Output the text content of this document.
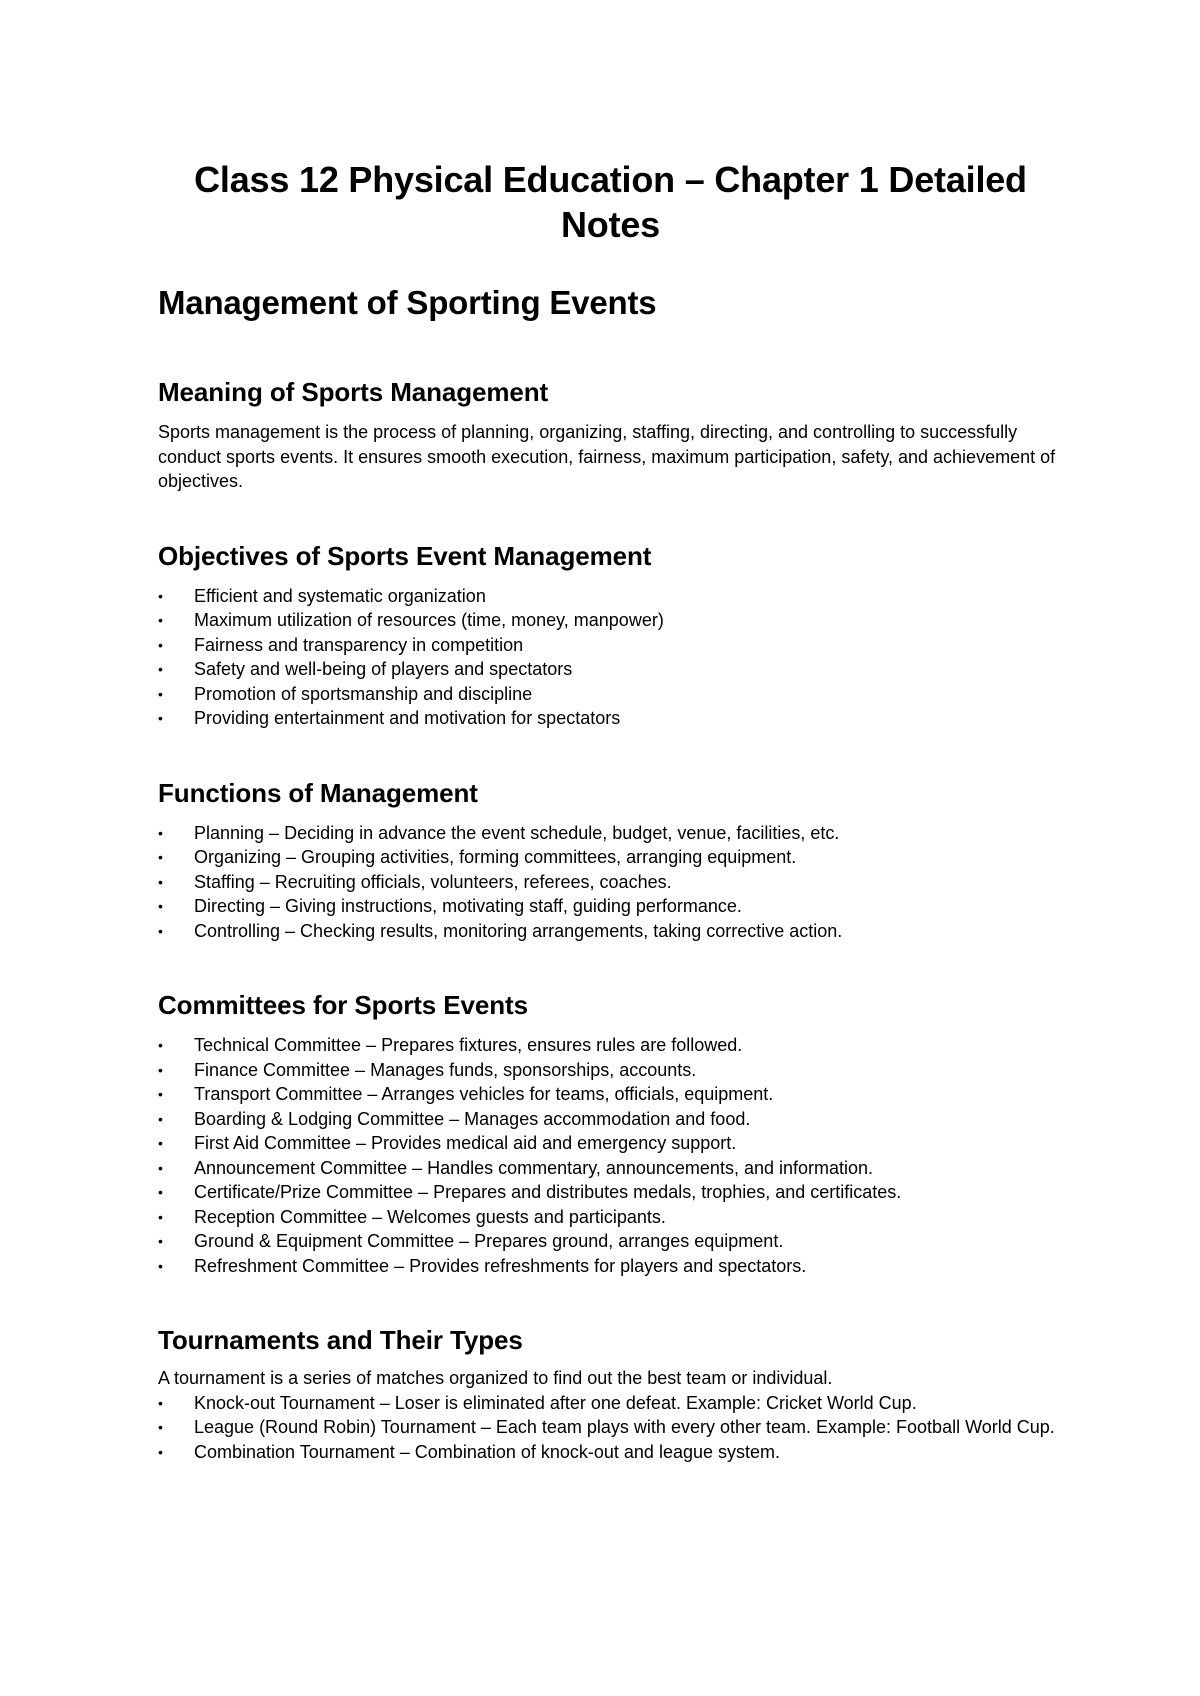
Class 12 Physical Education – Chapter 1 Detailed Notes
Management of Sporting Events
Meaning of Sports Management

Sports management is the process of planning, organizing, staffing, directing, and controlling to successfully conduct sports events. It ensures smooth execution, fairness, maximum participation, safety, and achievement of objectives.

Objectives of Sports Event Management
•	Efficient and systematic organization
•	Maximum utilization of resources (time, money, manpower)
•	Fairness and transparency in competition
•	Safety and well-being of players and spectators
•	Promotion of sportsmanship and discipline
•	Providing entertainment and motivation for spectators
Functions of Management
•	Planning – Deciding in advance the event schedule, budget, venue, facilities, etc.
•	Organizing – Grouping activities, forming committees, arranging equipment.
•	Staffing – Recruiting officials, volunteers, referees, coaches.
•	Directing – Giving instructions, motivating staff, guiding performance.
•	Controlling – Checking results, monitoring arrangements, taking corrective action.
Committees for Sports Events
•	Technical Committee – Prepares fixtures, ensures rules are followed.
•	Finance Committee – Manages funds, sponsorships, accounts.
•	Transport Committee – Arranges vehicles for teams, officials, equipment.
•	Boarding & Lodging Committee – Manages accommodation and food.
•	First Aid Committee – Provides medical aid and emergency support.
•	Announcement Committee – Handles commentary, announcements, and information.
•	Certificate/Prize Committee – Prepares and distributes medals, trophies, and certificates.
•	Reception Committee – Welcomes guests and participants.
•	Ground & Equipment Committee – Prepares ground, arranges equipment.
•	Refreshment Committee – Provides refreshments for players and spectators.
Tournaments and Their Types

A tournament is a series of matches organized to find out the best team or individual.

•	Knock-out Tournament – Loser is eliminated after one defeat. Example: Cricket World Cup.
•	League (Round Robin) Tournament – Each team plays with every other team. Example: Football World Cup.
•	Combination Tournament – Combination of knock-out and league system.
